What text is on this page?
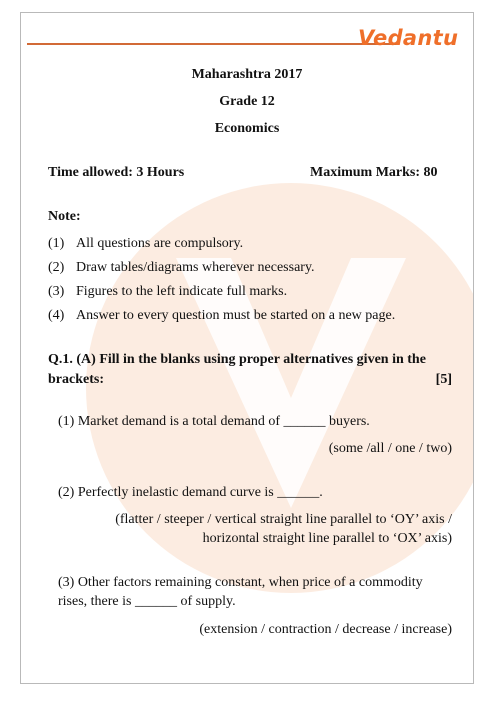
Vedantu
Maharashtra 2017
Grade 12
Economics
Time allowed: 3 Hours	Maximum Marks: 80
Note:
(1) All questions are compulsory.
(2) Draw tables/diagrams wherever necessary.
(3) Figures to the left indicate full marks.
(4) Answer to every question must be started on a new page.
Q.1. (A) Fill in the blanks using proper alternatives given in the
brackets:	[5]
(1) Market demand is a total demand of ______ buyers.
(some /all / one / two)
(2) Perfectly inelastic demand curve is ______.
(flatter / steeper / vertical straight line parallel to ‘OY’ axis /
horizontal straight line parallel to ‘OX’ axis)
(3) Other factors remaining constant, when price of a commodity
rises, there is ______ of supply.
(extension / contraction / decrease / increase)
